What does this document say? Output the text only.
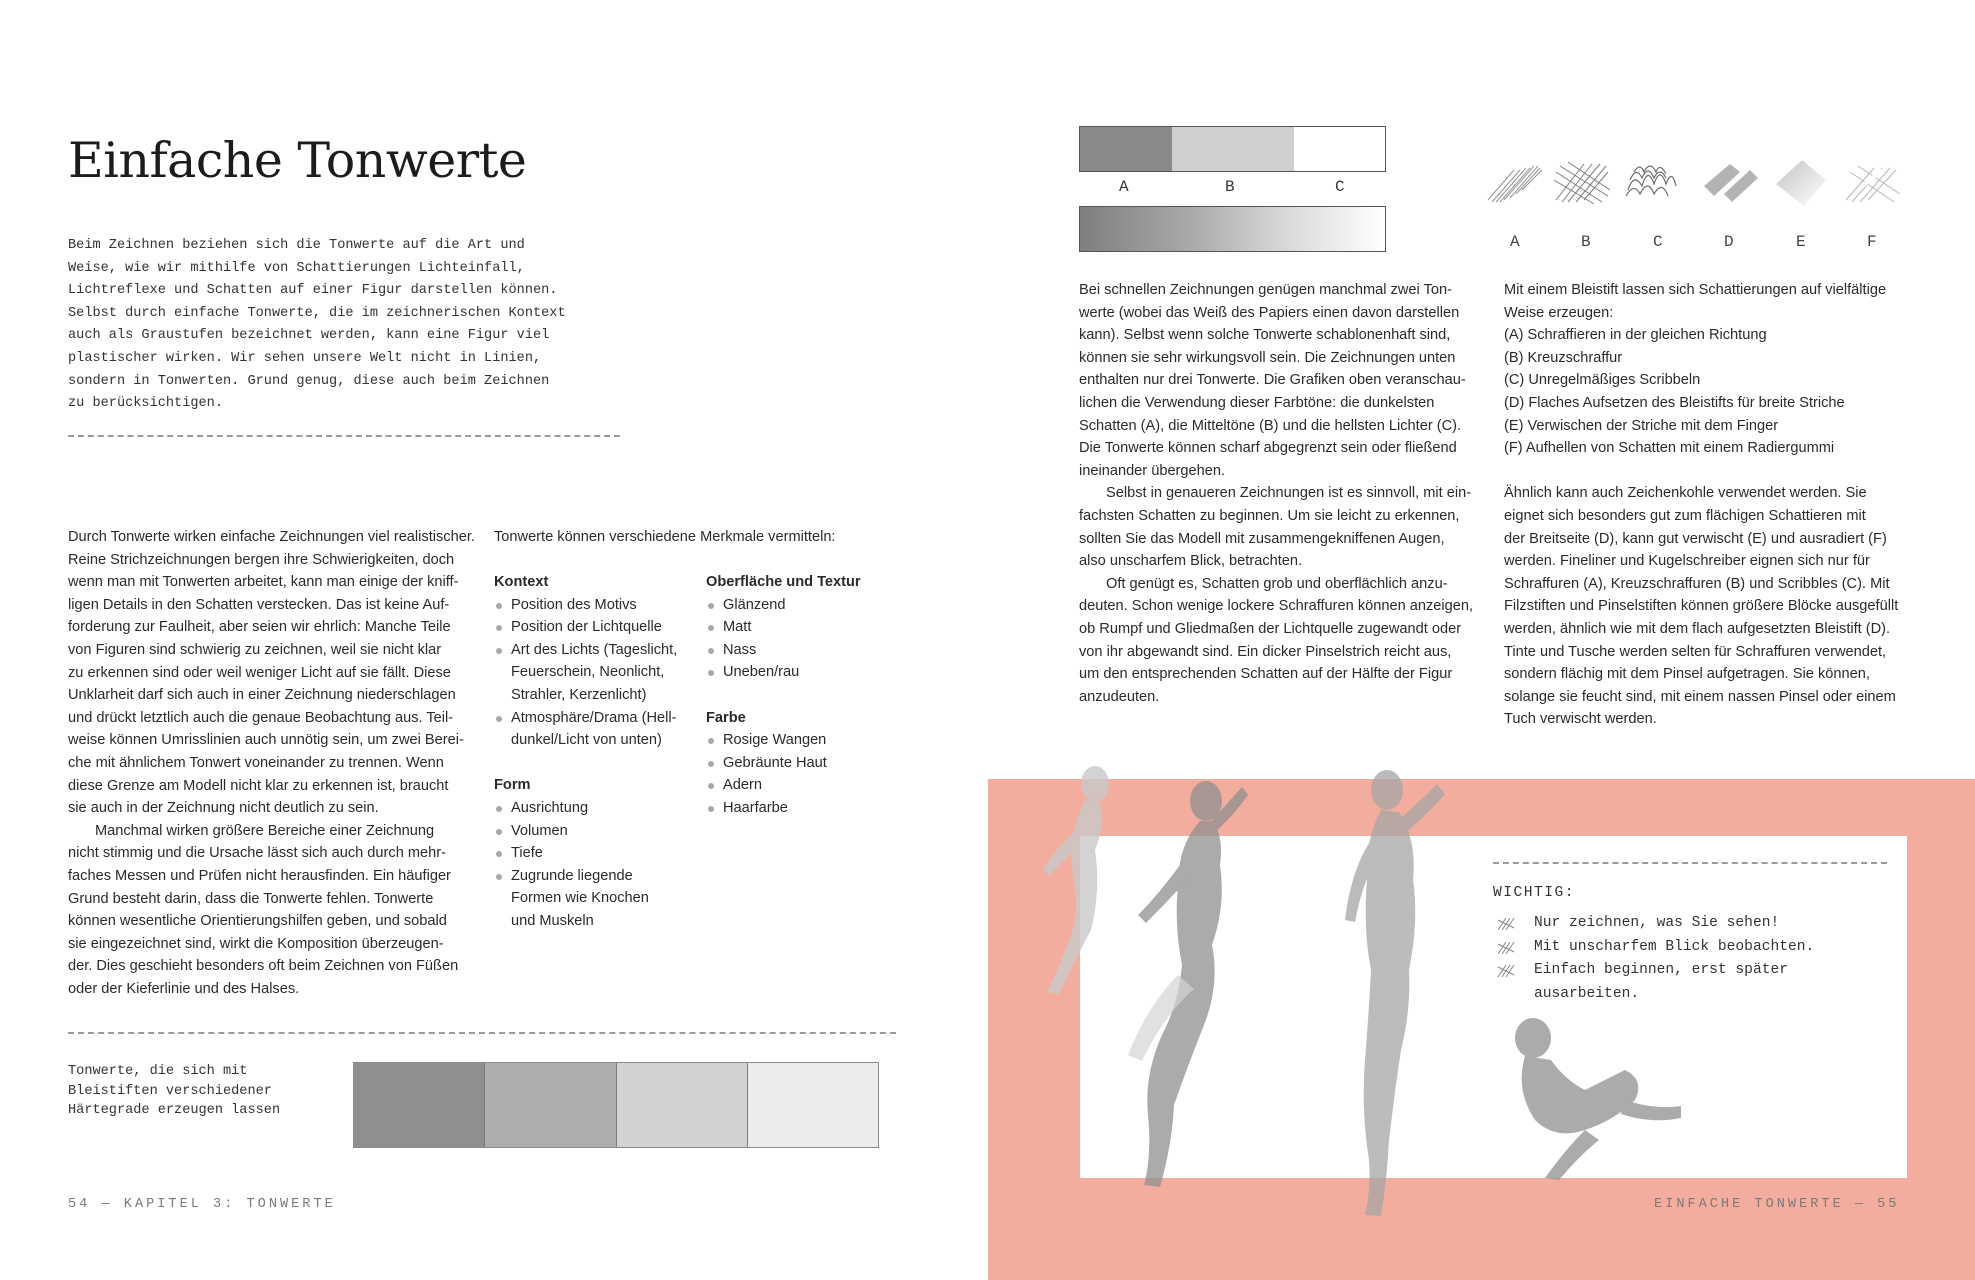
Einfache Tonwerte

Beim Zeichnen beziehen sich die Tonwerte auf die Art und

Weise, wie wir mithilfe von Schattierungen Lichteinfall,

Lichtreflexe und Schatten auf einer Figur darstellen können.

Selbst durch einfache Tonwerte, die im zeichnerischen Kontext

auch als Graustufen bezeichnet werden, kann eine Figur viel

plastischer wirken. Wir sehen unsere Welt nicht in Linien,

sondern in Tonwerten. Grund genug, diese auch beim Zeichnen

zu berücksichtigen.

Durch Tonwerte wirken einfache Zeichnungen viel realistischer.

Reine Strichzeichnungen bergen ihre Schwierigkeiten, doch

wenn man mit Tonwerten arbeitet, kann man einige der kniff-

ligen Details in den Schatten verstecken. Das ist keine Auf-

forderung zur Faulheit, aber seien wir ehrlich: Manche Teile

von Figuren sind schwierig zu zeichnen, weil sie nicht klar

zu erkennen sind oder weil weniger Licht auf sie fällt. Diese

Unklarheit darf sich auch in einer Zeichnung niederschlagen

und drückt letztlich auch die genaue Beobachtung aus. Teil-

weise können Umrisslinien auch unnötig sein, um zwei Berei-

che mit ähnlichem Tonwert voneinander zu trennen. Wenn

diese Grenze am Modell nicht klar zu erkennen ist, braucht

sie auch in der Zeichnung nicht deutlich zu sein.

Manchmal wirken größere Bereiche einer Zeichnung

nicht stimmig und die Ursache lässt sich auch durch mehr-

faches Messen und Prüfen nicht herausfinden. Ein häufiger

Grund besteht darin, dass die Tonwerte fehlen. Tonwerte

können wesentliche Orientierungshilfen geben, und sobald

sie eingezeichnet sind, wirkt die Komposition überzeugen-

der. Dies geschieht besonders oft beim Zeichnen von Füßen

oder der Kieferlinie und des Halses.

Tonwerte können verschiedene Merkmale vermitteln:

Kontext

Position des Motivs
Position der Lichtquelle
Art des Lichts (Tageslicht,
Feuerschein, Neonlicht,
Strahler, Kerzenlicht)
Atmosphäre/Drama (Hell-
dunkel/Licht von unten)

Form

Ausrichtung
Volumen
Tiefe
Zugrunde liegende
Formen wie Knochen
und Muskeln

Oberfläche und Textur

Glänzend
Matt
Nass
Uneben/rau

Farbe

Rosige Wangen
Gebräunte Haut
Adern
Haarfarbe

Tonwerte, die sich mit

Bleistiften verschiedener

Härtegrade erzeugen lassen

54 — KAPITEL 3: TONWERTE
A	B	C
A	B	C	D	E	F

Bei schnellen Zeichnungen genügen manchmal zwei Ton-

werte (wobei das Weiß des Papiers einen davon darstellen

kann). Selbst wenn solche Tonwerte schablonenhaft sind,

können sie sehr wirkungsvoll sein. Die Zeichnungen unten

enthalten nur drei Tonwerte. Die Grafiken oben veranschau-

lichen die Verwendung dieser Farbtöne: die dunkelsten

Schatten (A), die Mitteltöne (B) und die hellsten Lichter (C).

Die Tonwerte können scharf abgegrenzt sein oder fließend

ineinander übergehen.

Selbst in genaueren Zeichnungen ist es sinnvoll, mit ein-

fachsten Schatten zu beginnen. Um sie leicht zu erkennen,

sollten Sie das Modell mit zusammengekniffenen Augen,

also unscharfem Blick, betrachten.

Oft genügt es, Schatten grob und oberflächlich anzu-

deuten. Schon wenige lockere Schraffuren können anzeigen,

ob Rumpf und Gliedmaßen der Lichtquelle zugewandt oder

von ihr abgewandt sind. Ein dicker Pinselstrich reicht aus,

um den entsprechenden Schatten auf der Hälfte der Figur

anzudeuten.

Mit einem Bleistift lassen sich Schattierungen auf vielfältige

Weise erzeugen:

(A) Schraffieren in der gleichen Richtung

(B) Kreuzschraffur

(C) Unregelmäßiges Scribbeln

(D) Flaches Aufsetzen des Bleistifts für breite Striche

(E) Verwischen der Striche mit dem Finger

(F) Aufhellen von Schatten mit einem Radiergummi

Ähnlich kann auch Zeichenkohle verwendet werden. Sie

eignet sich besonders gut zum flächigen Schattieren mit

der Breitseite (D), kann gut verwischt (E) und ausradiert (F)

werden. Fineliner und Kugelschreiber eignen sich nur für

Schraffuren (A), Kreuzschraffuren (B) und Scribbles (C). Mit

Filzstiften und Pinselstiften können größere Blöcke ausgefüllt

werden, ähnlich wie mit dem flach aufgesetzten Bleistift (D).

Tinte und Tusche werden selten für Schraffuren verwendet,

sondern flächig mit dem Pinsel aufgetragen. Sie können,

solange sie feucht sind, mit einem nassen Pinsel oder einem

Tuch verwischt werden.

WICHTIG:
Nur zeichnen, was Sie sehen!
Mit unscharfem Blick beobachten.
Einfach beginnen, erst später
ausarbeiten.
EINFACHE TONWERTE — 55
